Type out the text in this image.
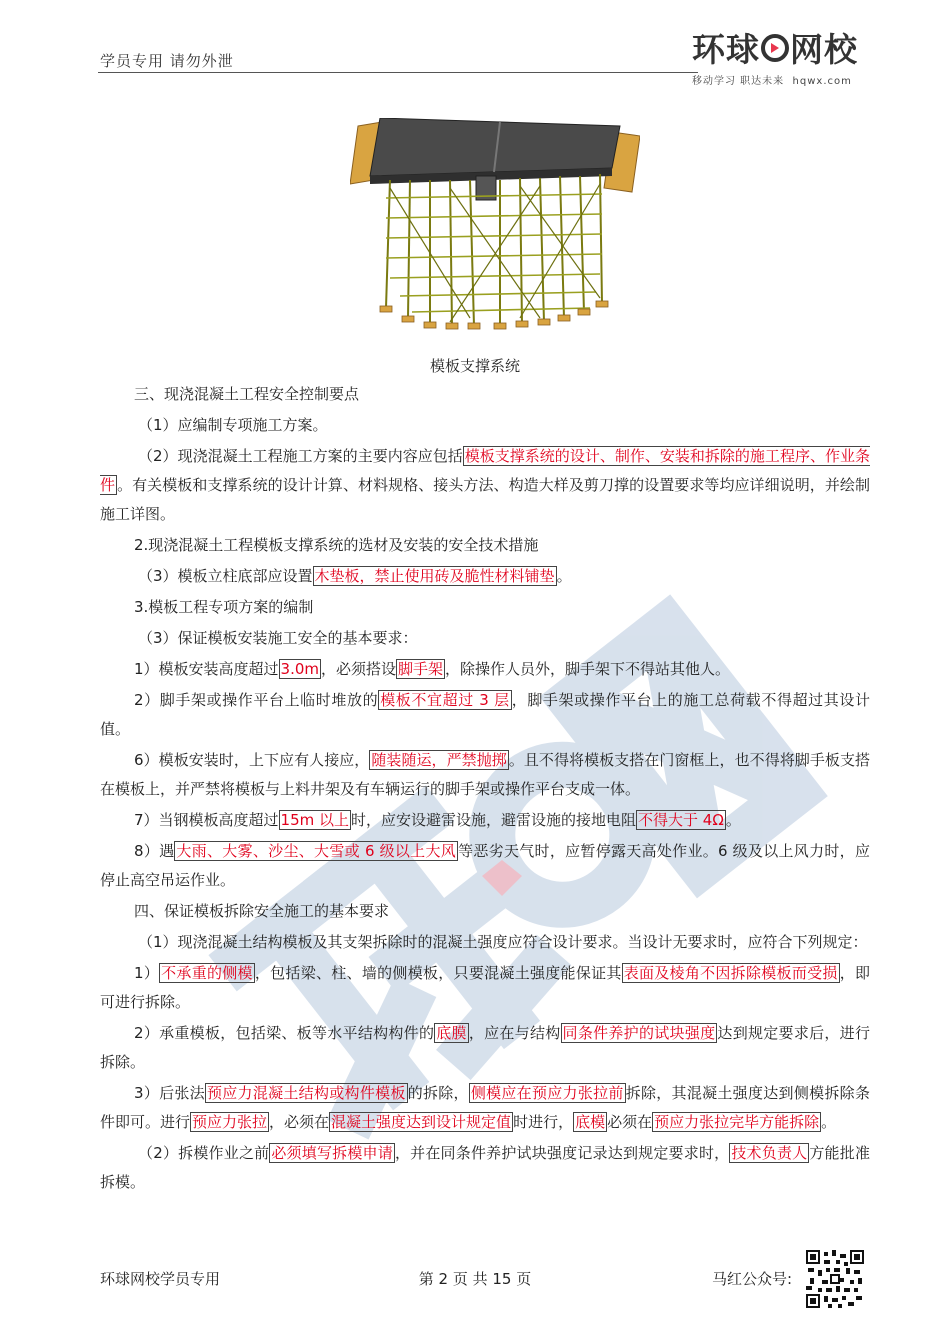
学员专用 请勿外泄	环球 网校
移动学习 职达未来 hqwx.com
模板支撑系统

三、现浇混凝土工程安全控制要点

（1）应编制专项施工方案。

（2）现浇混凝土工程施工方案的主要内容应包括 模板支撑系统的设计、制作、安装和拆除的施工程序、作业条件 。有关模板和支撑系统的设计计算、材料规格、接头方法、构造大样及剪刀撑的设置要求等均应详细说明，并绘制施工详图。

2.现浇混凝土工程模板支撑系统的选材及安装的安全技术措施

（3）模板立柱底部应设置 木垫板，禁止使用砖及脆性材料铺垫 。

3.模板工程专项方案的编制

（3）保证模板安装施工安全的基本要求：

1）模板安装高度超过 3.0m ，必须搭设 脚手架 ，除操作人员外，脚手架下不得站其他人。

2）脚手架或操作平台上临时堆放的 模板不宜超过 3 层 ，脚手架或操作平台上的施工总荷载不得超过其设计值。

6）模板安装时，上下应有人接应， 随装随运，严禁抛掷 。且不得将模板支搭在门窗框上，也不得将脚手板支搭在模板上，并严禁将模板与上料井架及有车辆运行的脚手架或操作平台支成一体。

7）当钢模板高度超过 15m 以上 时，应安设避雷设施，避雷设施的接地电阻 不得大于 4Ω 。

8）遇 大雨、大雾、沙尘、大雪或 6 级以上大风 等恶劣天气时，应暂停露天高处作业。6 级及以上风力时，应停止高空吊运作业。

四、保证模板拆除安全施工的基本要求

（1）现浇混凝土结构模板及其支架拆除时的混凝土强度应符合设计要求。当设计无要求时，应符合下列规定：

1） 不承重的侧模 ，包括梁、柱、墙的侧模板，只要混凝土强度能保证其 表面及棱角不因拆除模板而受损 ，即可进行拆除。

2）承重模板，包括梁、板等水平结构构件的 底膜 ，应在与结构 同条件养护的试块强度 达到规定要求后，进行拆除。

3）后张法 预应力混凝土结构或构件模板 的拆除， 侧模应在预应力张拉前 拆除，其混凝土强度达到侧模拆除条件即可。进行 预应力张拉 ，必须在 混凝土强度达到设计规定值 时进行， 底模 必须在 预应力张拉完毕方能拆除 。

（2）拆模作业之前 必须填写拆模申请 ，并在同条件养护试块强度记录达到规定要求时， 技术负责人 方能批准拆模。

环球网校学员专用	第 2 页 共 15 页	马红公众号:
